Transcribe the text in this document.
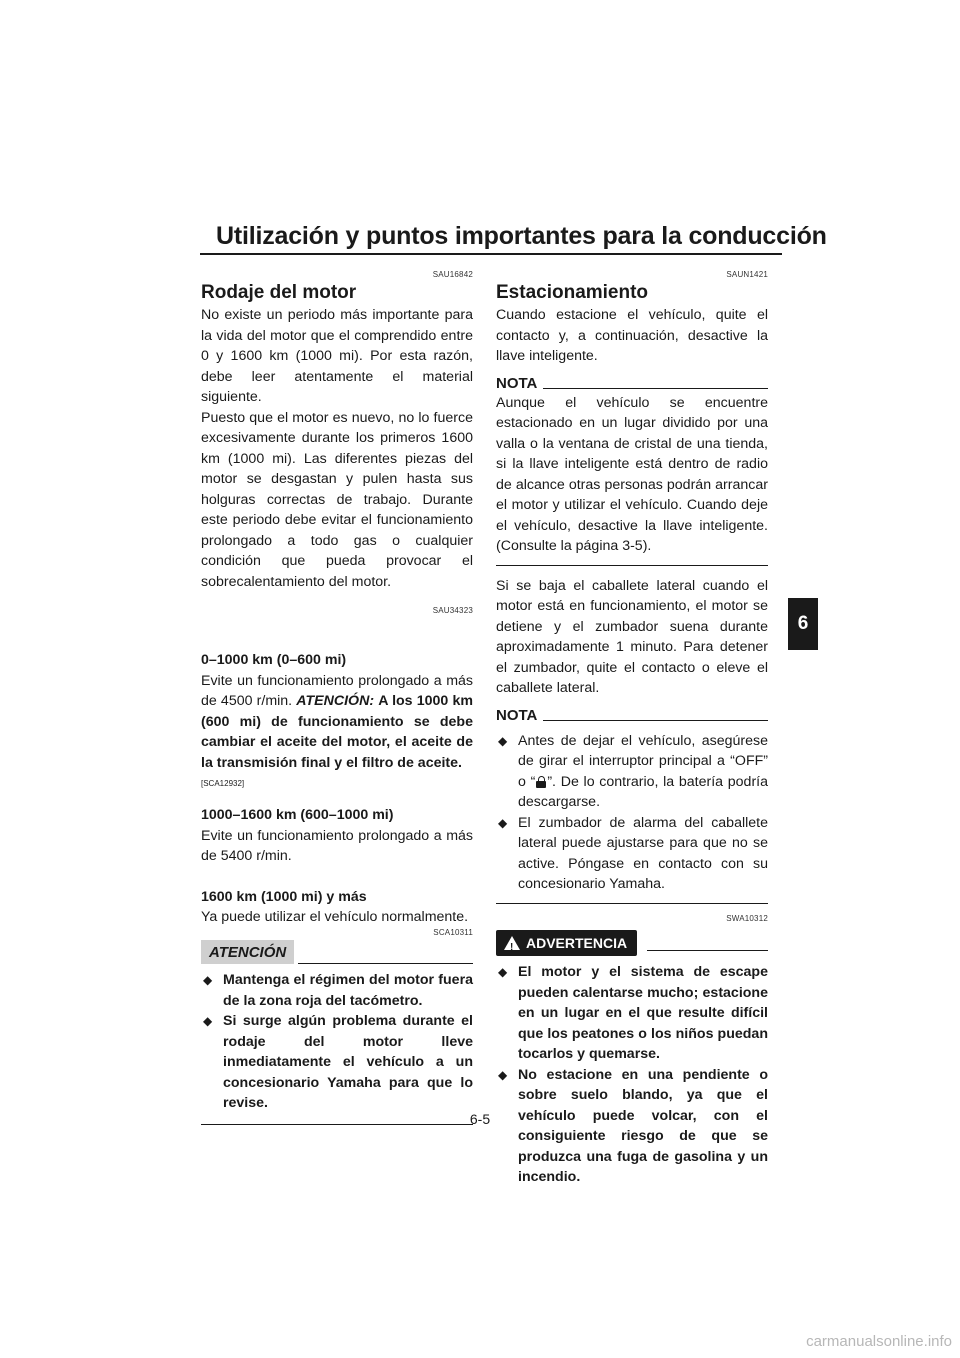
Utilización y puntos importantes para la conducción
6
SAU16842
Rodaje del motor

No existe un periodo más importante para la vida del motor que el comprendido entre 0 y 1600 km (1000 mi). Por esta razón, debe leer atentamente el material siguiente.

Puesto que el motor es nuevo, no lo fuerce excesivamente durante los primeros 1600 km (1000 mi). Las diferentes piezas del motor se desgastan y pulen hasta sus holguras correctas de trabajo. Durante este periodo debe evitar el funcionamiento prolongado a todo gas o cualquier condición que pueda provocar el sobrecalentamiento del motor.

SAU34323
0–1000 km (0–600 mi)

Evite un funcionamiento prolongado a más de 4500 r/min. ATENCIÓN: A los 1000 km (600 mi) de funcionamiento se debe cambiar el aceite del motor, el aceite de la transmisión final y el filtro de aceite.

[SCA12932]
1000–1600 km (600–1000 mi)

Evite un funcionamiento prolongado a más de 5400 r/min.

1600 km (1000 mi) y más

Ya puede utilizar el vehículo normalmente.

SCA10311
ATENCIÓN
◆ Mantenga el régimen del motor fuera de la zona roja del tacómetro.
◆ Si surge algún problema durante el rodaje del motor lleve inmediatamente el vehículo a un concesionario Yamaha para que lo revise.
SAUN1421
Estacionamiento

Cuando estacione el vehículo, quite el contacto y, a continuación, desactive la llave inteligente.

NOTA

Aunque el vehículo se encuentre estacionado en un lugar dividido por una valla o la ventana de cristal de una tienda, si la llave inteligente está dentro de radio de alcance otras personas podrán arrancar el motor y utilizar el vehículo. Cuando deje el vehículo, desactive la llave inteligente. (Consulte la página 3-5).

Si se baja el caballete lateral cuando el motor está en funcionamiento, el motor se detiene y el zumbador suena durante aproximadamente 1 minuto. Para detener el zumbador, quite el contacto o eleve el caballete lateral.

NOTA
◆ Antes de dejar el vehículo, asegúrese de girar el interruptor principal a “OFF” o “ ”. De lo contrario, la batería podría descargarse.
◆ El zumbador de alarma del caballete lateral puede ajustarse para que no se active. Póngase en contacto con su concesionario Yamaha.
SWA10312
! ADVERTENCIA
◆ El motor y el sistema de escape pueden calentarse mucho; estacione en un lugar en el que resulte difícil que los peatones o los niños puedan tocarlos y quemarse.
◆ No estacione en una pendiente o sobre suelo blando, ya que el vehículo puede volcar, con el consiguiente riesgo de que se produzca una fuga de gasolina y un incendio.
6-5
carmanualsonline.info
